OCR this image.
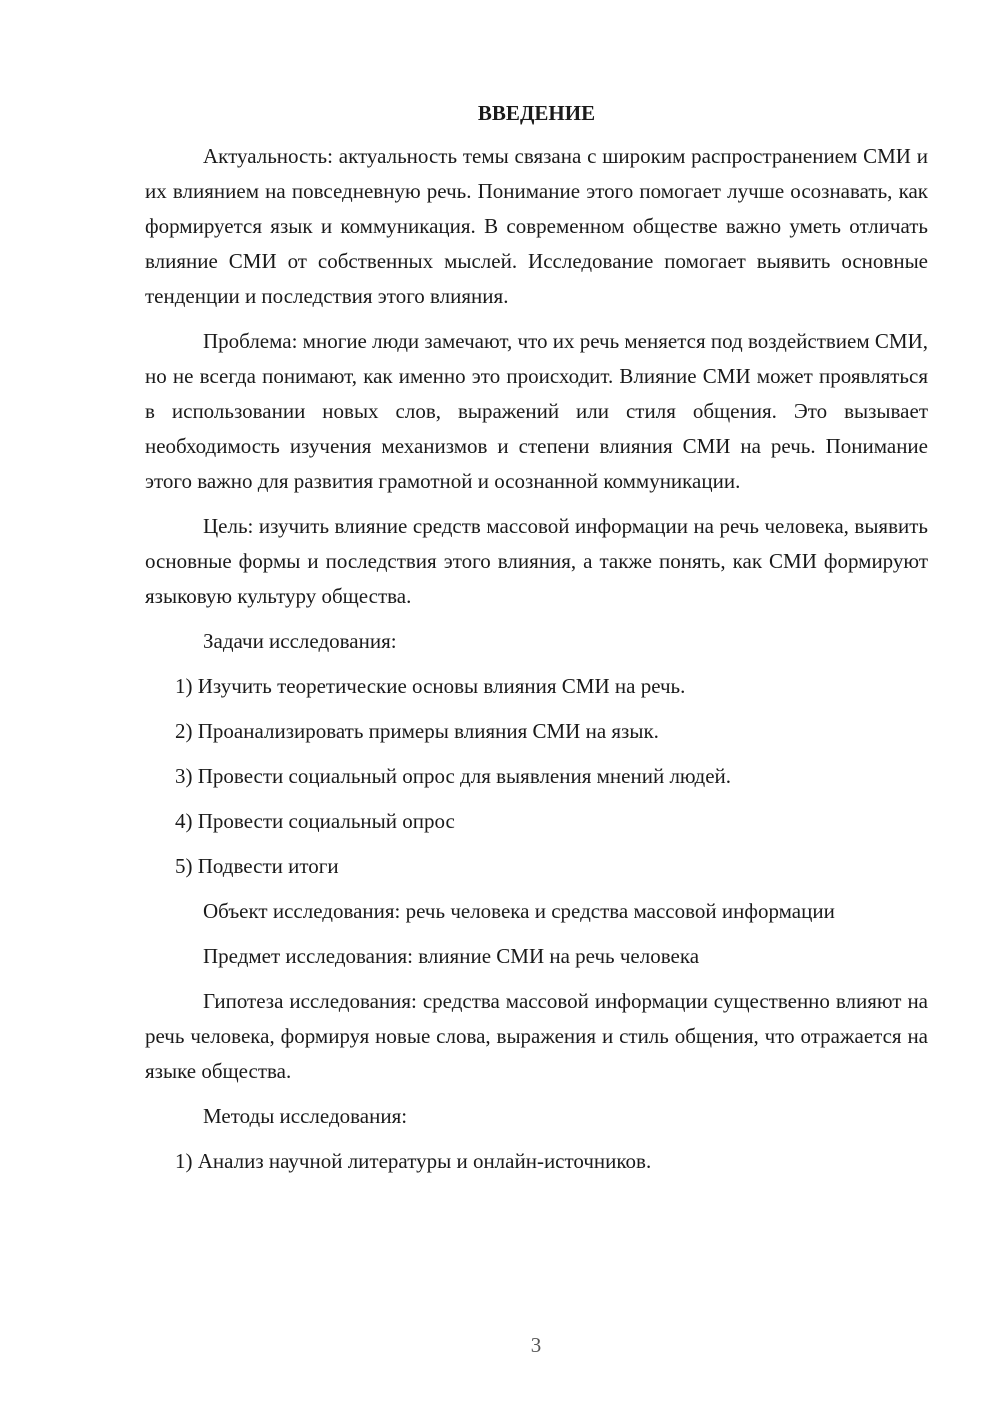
ВВЕДЕНИЕ

Актуальность: актуальность темы связана с широким распространением СМИ и их влиянием на повседневную речь. Понимание этого помогает лучше осознавать, как формируется язык и коммуникация. В современном обществе важно уметь отличать влияние СМИ от собственных мыслей. Исследование помогает выявить основные тенденции и последствия этого влияния.

Проблема: многие люди замечают, что их речь меняется под воздействием СМИ, но не всегда понимают, как именно это происходит. Влияние СМИ может проявляться в использовании новых слов, выражений или стиля общения. Это вызывает необходимость изучения механизмов и степени влияния СМИ на речь. Понимание этого важно для развития грамотной и осознанной коммуникации.

Цель: изучить влияние средств массовой информации на речь человека, выявить основные формы и последствия этого влияния, а также понять, как СМИ формируют языковую культуру общества.

Задачи исследования:

1) Изучить теоретические основы влияния СМИ на речь.

2) Проанализировать примеры влияния СМИ на язык.

3) Провести социальный опрос для выявления мнений людей.

4) Провести социальный опрос

5) Подвести итоги

Объект исследования: речь человека и средства массовой информации

Предмет исследования: влияние СМИ на речь человека

Гипотеза исследования: средства массовой информации существенно влияют на речь человека, формируя новые слова, выражения и стиль общения, что отражается на языке общества.

Методы исследования:

1) Анализ научной литературы и онлайн-источников.

3
